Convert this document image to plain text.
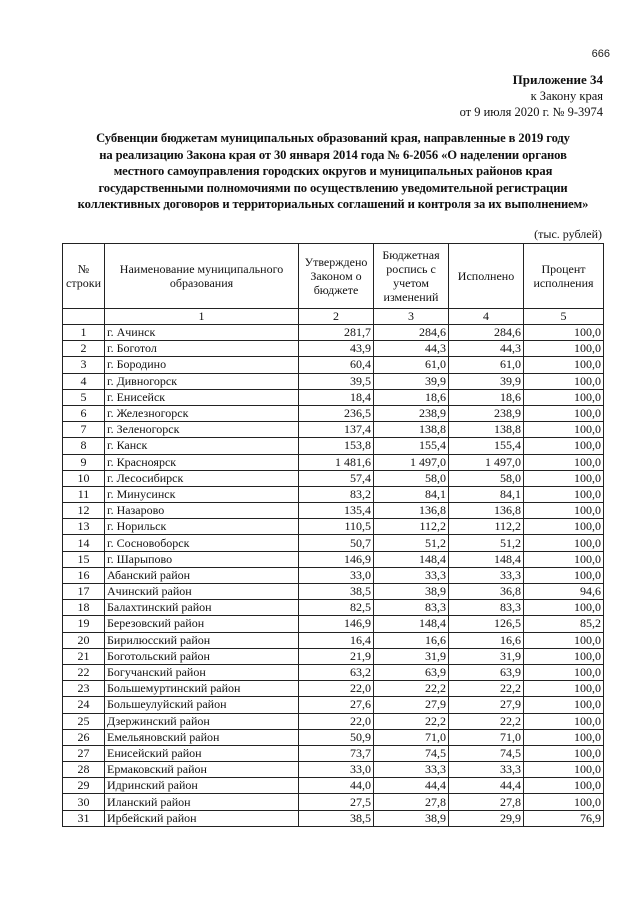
666
Приложение 34
к Закону края
от 9 июля 2020 г. № 9-3974
Субвенции бюджетам муниципальных образований края, направленные в 2019 году
на реализацию Закона края от 30 января 2014 года № 6-2056 «О наделении органов
местного самоуправления городских округов и муниципальных районов края
государственными полномочиями по осуществлению уведомительной регистрации
коллективных договоров и территориальных соглашений и контроля за их выполнением»
(тыс. рублей)
№ строки	Наименование муниципального образования	Утверждено Законом о бюджете	Бюджетная роспись с учетом изменений	Исполнено	Процент исполнения
	1	2	3	4	5
1	г. Ачинск	281,7	284,6	284,6	100,0
2	г. Боготол	43,9	44,3	44,3	100,0
3	г. Бородино	60,4	61,0	61,0	100,0
4	г. Дивногорск	39,5	39,9	39,9	100,0
5	г. Енисейск	18,4	18,6	18,6	100,0
6	г. Железногорск	236,5	238,9	238,9	100,0
7	г. Зеленогорск	137,4	138,8	138,8	100,0
8	г. Канск	153,8	155,4	155,4	100,0
9	г. Красноярск	1 481,6	1 497,0	1 497,0	100,0
10	г. Лесосибирск	57,4	58,0	58,0	100,0
11	г. Минусинск	83,2	84,1	84,1	100,0
12	г. Назарово	135,4	136,8	136,8	100,0
13	г. Норильск	110,5	112,2	112,2	100,0
14	г. Сосновоборск	50,7	51,2	51,2	100,0
15	г. Шарыпово	146,9	148,4	148,4	100,0
16	Абанский район	33,0	33,3	33,3	100,0
17	Ачинский район	38,5	38,9	36,8	94,6
18	Балахтинский район	82,5	83,3	83,3	100,0
19	Березовский район	146,9	148,4	126,5	85,2
20	Бирилюсский район	16,4	16,6	16,6	100,0
21	Боготольский район	21,9	31,9	31,9	100,0
22	Богучанский район	63,2	63,9	63,9	100,0
23	Большемуртинский район	22,0	22,2	22,2	100,0
24	Большеулуйский район	27,6	27,9	27,9	100,0
25	Дзержинский район	22,0	22,2	22,2	100,0
26	Емельяновский район	50,9	71,0	71,0	100,0
27	Енисейский район	73,7	74,5	74,5	100,0
28	Ермаковский район	33,0	33,3	33,3	100,0
29	Идринский район	44,0	44,4	44,4	100,0
30	Иланский район	27,5	27,8	27,8	100,0
31	Ирбейский район	38,5	38,9	29,9	76,9
